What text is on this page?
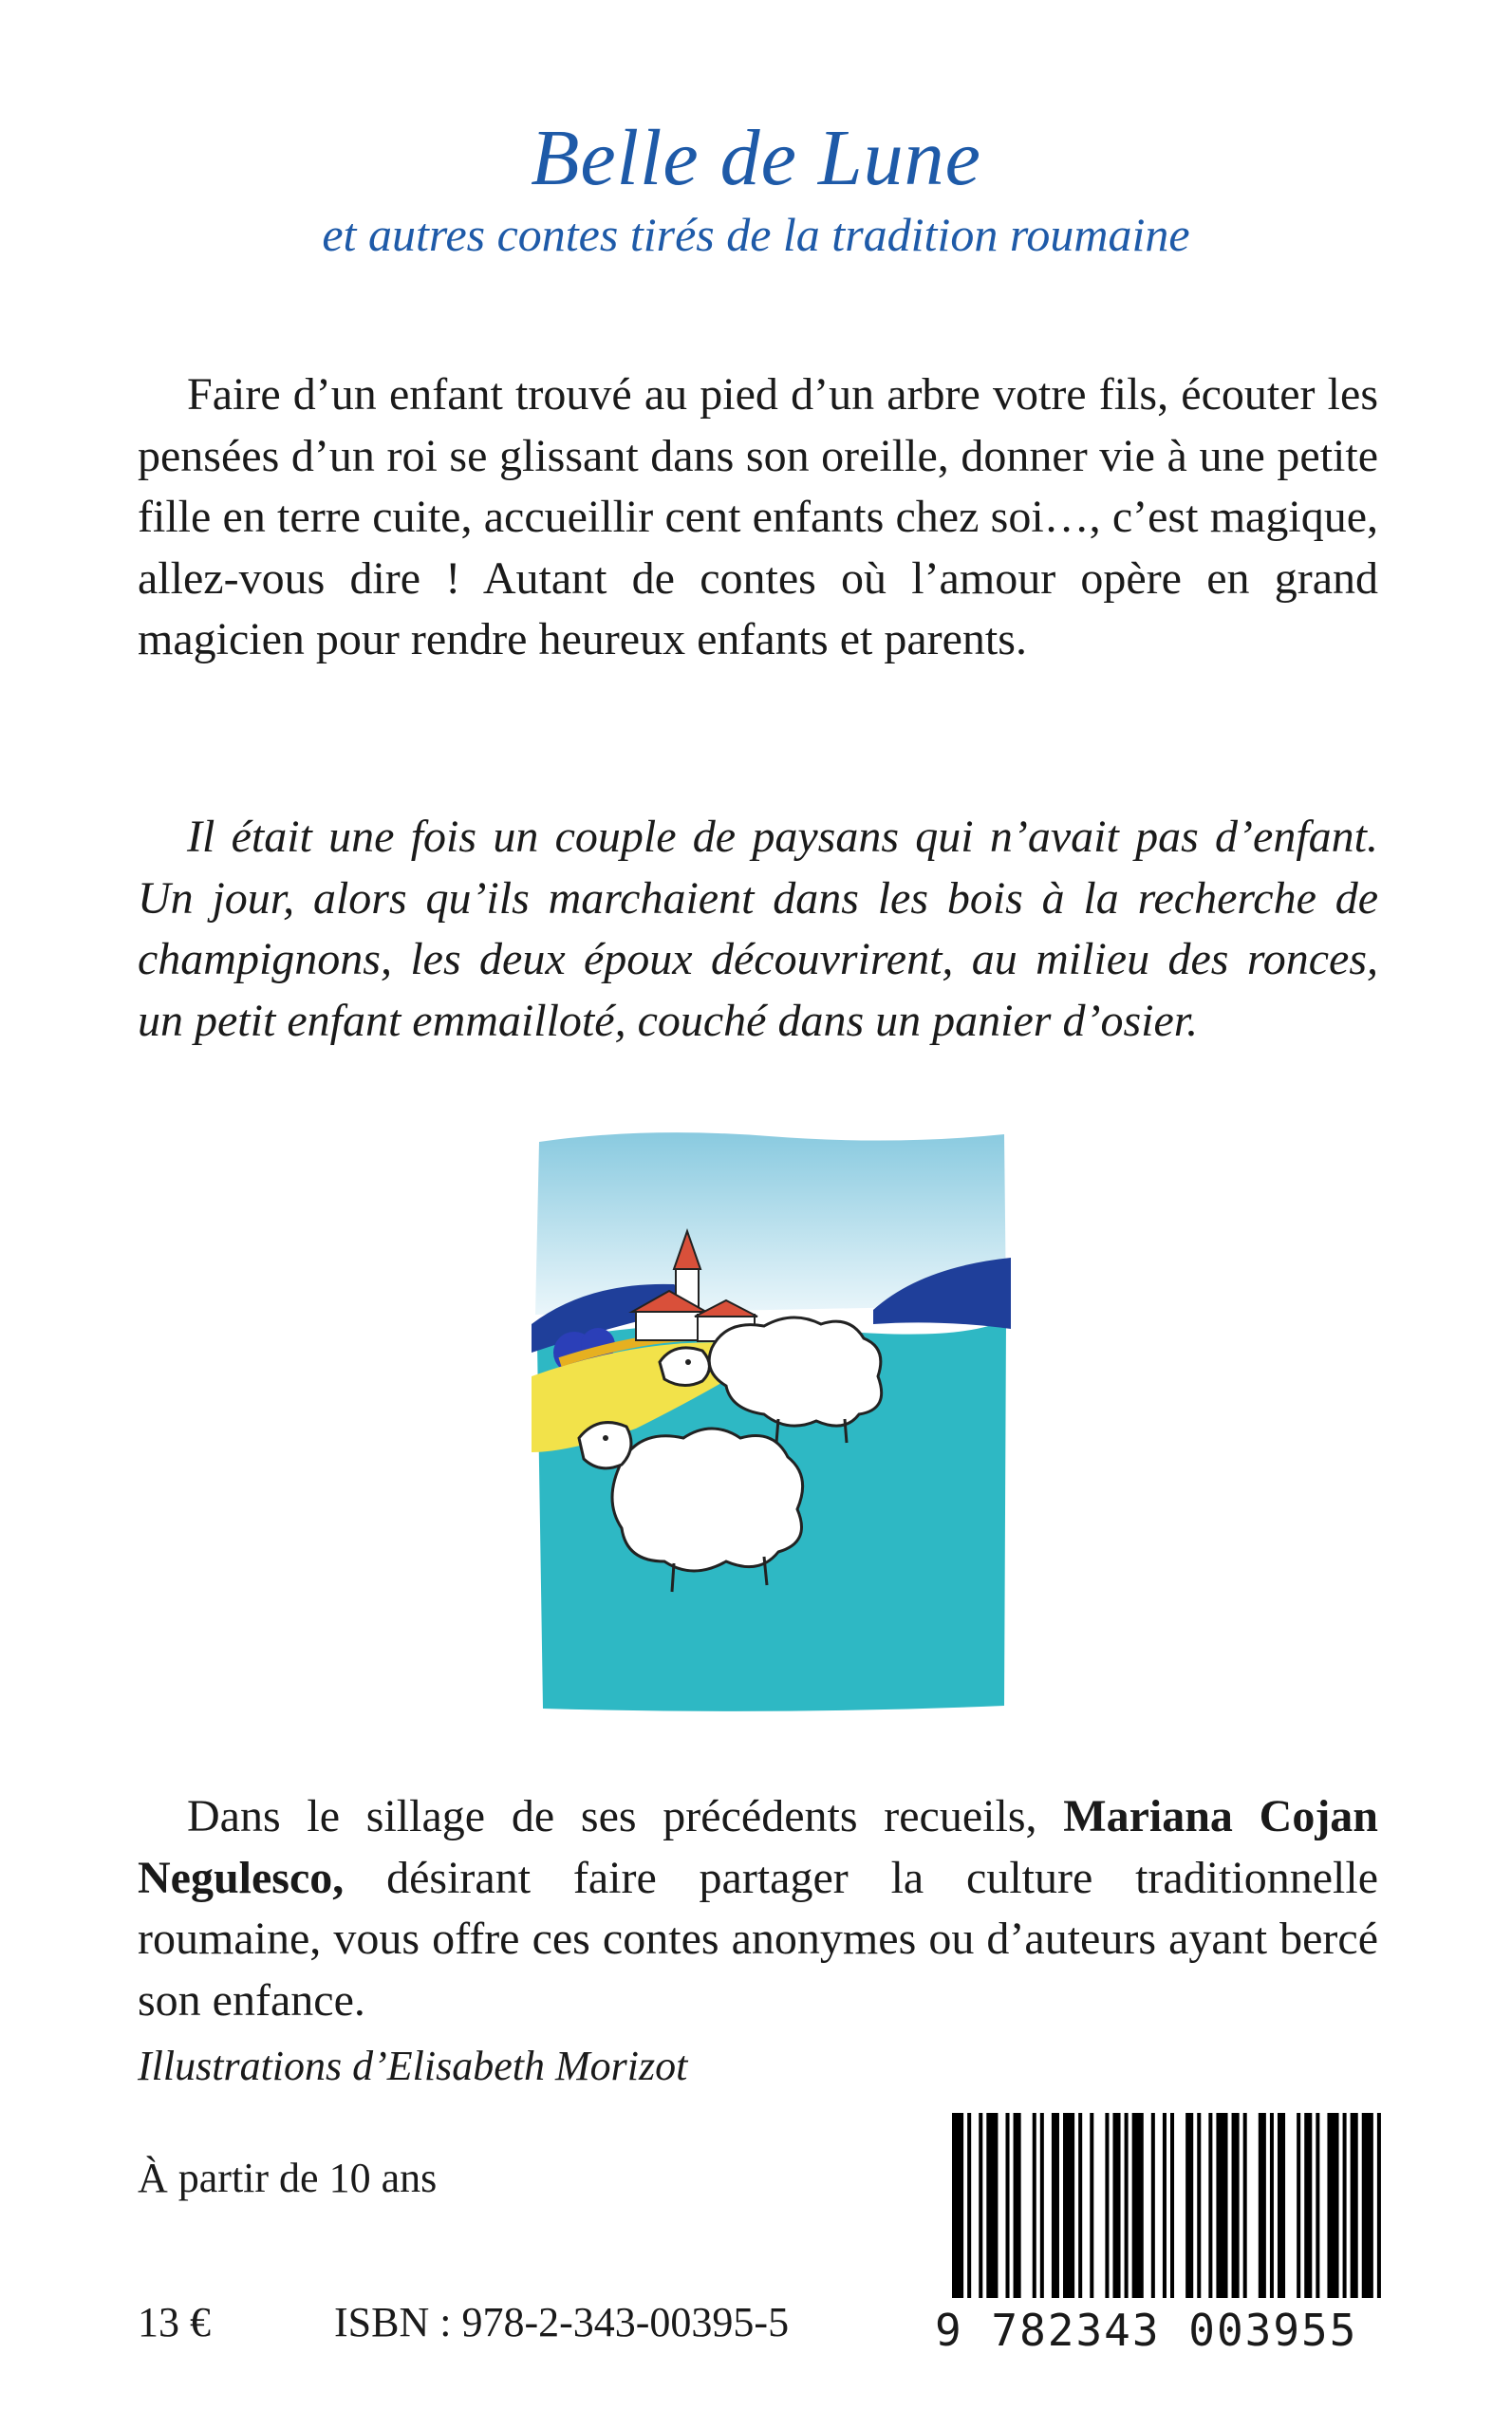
Belle de Lune
et autres contes tirés de la tradition roumaine

Faire d’un enfant trouvé au pied d’un arbre votre fils, écouter les pensées d’un roi se glissant dans son oreille, donner vie à une petite fille en terre cuite, accueillir cent enfants chez soi…, c’est magique, allez-vous dire ! Autant de contes où l’amour opère en grand magicien pour rendre heureux enfants et parents.

Il était une fois un couple de paysans qui n’avait pas d’enfant. Un jour, alors qu’ils marchaient dans les bois à la recherche de champignons, les deux époux découvrirent, au milieu des ronces, un petit enfant emmailloté, couché dans un panier d’osier.

Dans le sillage de ses précédents recueils, Mariana Cojan Negulesco, désirant faire partager la culture traditionnelle roumaine, vous offre ces contes anonymes ou d’auteurs ayant bercé son enfance.

Illustrations d’Elisabeth Morizot
À partir de 10 ans
13 €	ISBN : 978-2-343-00395-5	9 782343 003955
